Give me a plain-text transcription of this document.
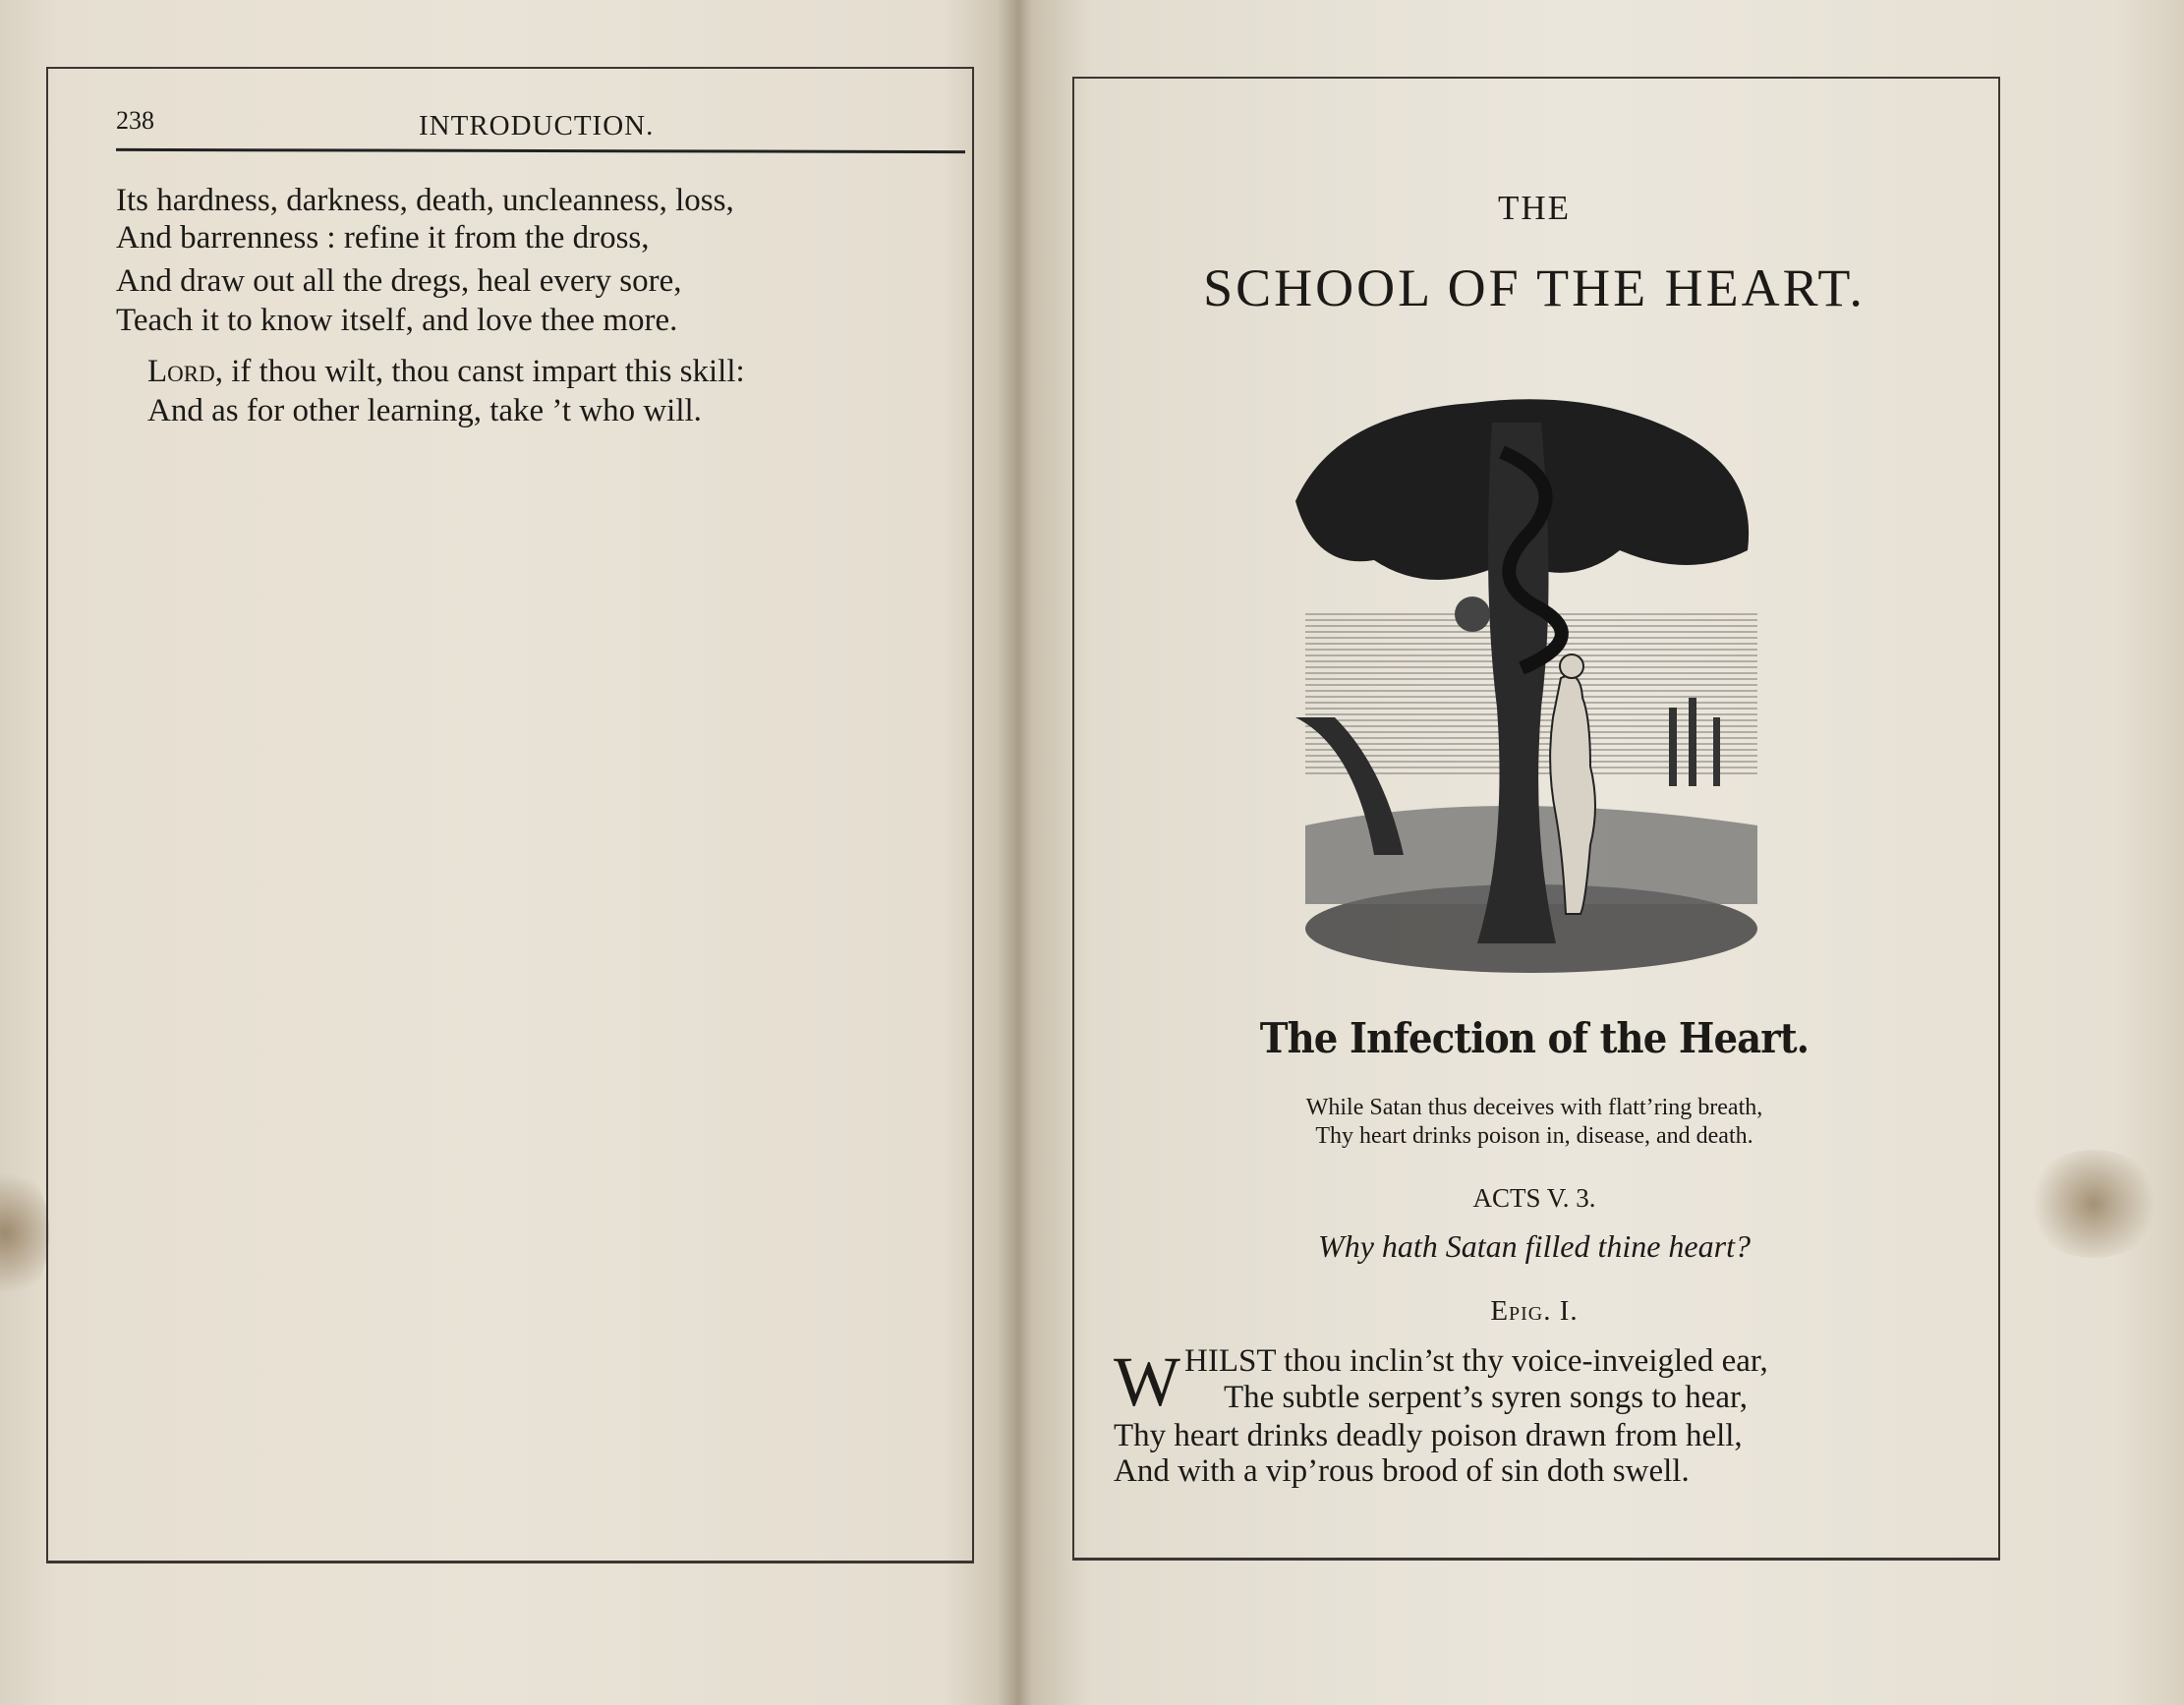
238	INTRODUCTION.
Its hardness, darkness, death, uncleanness, loss,
And barrenness : refine it from the dross,
And draw out all the dregs, heal every sore,
Teach it to know itself, and love thee more.
Lord, if thou wilt, thou canst impart this skill:
And as for other learning, take ’t who will.
THE
SCHOOL OF THE HEART.
The Infection of the Heart.
While Satan thus deceives with flatt’ring breath,
Thy heart drinks poison in, disease, and death.
ACTS V. 3.
Why hath Satan filled thine heart?
Epig. I.
W HILST thou inclin’st thy voice-inveigled ear,
The subtle serpent’s syren songs to hear,
Thy heart drinks deadly poison drawn from hell,
And with a vip’rous brood of sin doth swell.
